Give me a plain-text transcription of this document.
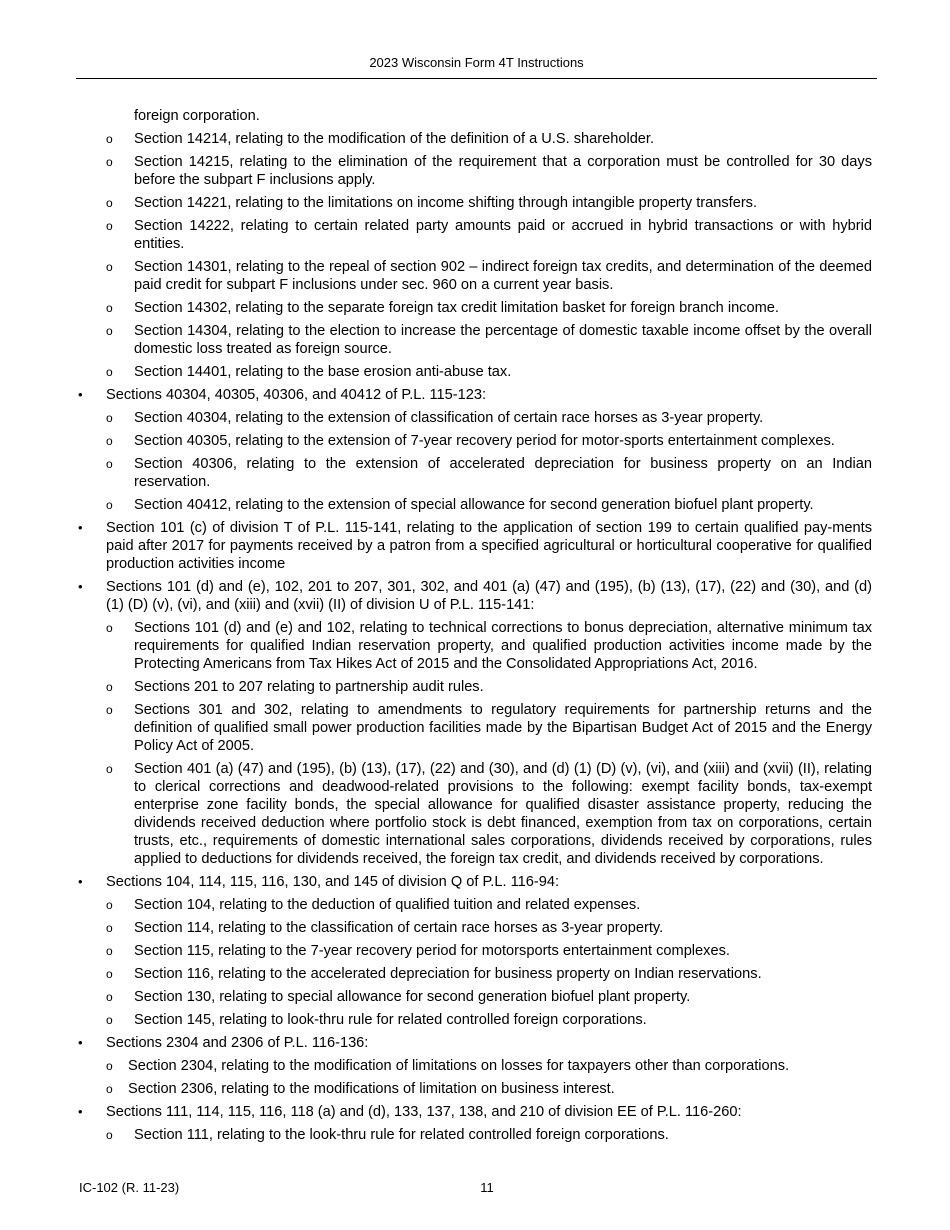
2023 Wisconsin Form 4T Instructions
foreign corporation.
o Section 14214, relating to the modification of the definition of a U.S. shareholder.
o Section 14215, relating to the elimination of the requirement that a corporation must be controlled for 30 days before the subpart F inclusions apply.
o Section 14221, relating to the limitations on income shifting through intangible property transfers.
o Section 14222, relating to certain related party amounts paid or accrued in hybrid transactions or with hybrid entities.
o Section 14301, relating to the repeal of section 902 – indirect foreign tax credits, and determination of the deemed paid credit for subpart F inclusions under sec. 960 on a current year basis.
o Section 14302, relating to the separate foreign tax credit limitation basket for foreign branch income.
o Section 14304, relating to the election to increase the percentage of domestic taxable income offset by the overall domestic loss treated as foreign source.
o Section 14401, relating to the base erosion anti-abuse tax.
• Sections 40304, 40305, 40306, and 40412 of P.L. 115-123:
o Section 40304, relating to the extension of classification of certain race horses as 3-year property.
o Section 40305, relating to the extension of 7-year recovery period for motor-sports entertainment complexes.
o Section 40306, relating to the extension of accelerated depreciation for business property on an Indian reservation.
o Section 40412, relating to the extension of special allowance for second generation biofuel plant property.
• Section 101 (c) of division T of P.L. 115-141, relating to the application of section 199 to certain qualified pay-ments paid after 2017 for payments received by a patron from a specified agricultural or horticultural cooperative for qualified production activities income
• Sections 101 (d) and (e), 102, 201 to 207, 301, 302, and 401 (a) (47) and (195), (b) (13), (17), (22) and (30), and (d) (1) (D) (v), (vi), and (xiii) and (xvii) (II) of division U of P.L. 115-141:
o Sections 101 (d) and (e) and 102, relating to technical corrections to bonus depreciation, alternative minimum tax requirements for qualified Indian reservation property, and qualified production activities income made by the Protecting Americans from Tax Hikes Act of 2015 and the Consolidated Appropriations Act, 2016.
o Sections 201 to 207 relating to partnership audit rules.
o Sections 301 and 302, relating to amendments to regulatory requirements for partnership returns and the definition of qualified small power production facilities made by the Bipartisan Budget Act of 2015 and the Energy Policy Act of 2005.
o Section 401 (a) (47) and (195), (b) (13), (17), (22) and (30), and (d) (1) (D) (v), (vi), and (xiii) and (xvii) (II), relating to clerical corrections and deadwood-related provisions to the following: exempt facility bonds, tax-exempt enterprise zone facility bonds, the special allowance for qualified disaster assistance property, reducing the dividends received deduction where portfolio stock is debt financed, exemption from tax on corporations, certain trusts, etc., requirements of domestic international sales corporations, dividends received by corporations, rules applied to deductions for dividends received, the foreign tax credit, and dividends received by corporations.
• Sections 104, 114, 115, 116, 130, and 145 of division Q of P.L. 116-94:
o Section 104, relating to the deduction of qualified tuition and related expenses.
o Section 114, relating to the classification of certain race horses as 3-year property.
o Section 115, relating to the 7-year recovery period for motorsports entertainment complexes.
o Section 116, relating to the accelerated depreciation for business property on Indian reservations.
o Section 130, relating to special allowance for second generation biofuel plant property.
o Section 145, relating to look-thru rule for related controlled foreign corporations.
• Sections 2304 and 2306 of P.L. 116-136:
o Section 2304, relating to the modification of limitations on losses for taxpayers other than corporations.
o Section 2306, relating to the modifications of limitation on business interest.
• Sections 111, 114, 115, 116, 118 (a) and (d), 133, 137, 138, and 210 of division EE of P.L. 116-260:
o Section 111, relating to the look-thru rule for related controlled foreign corporations.
IC-102 (R. 11-23)	11
